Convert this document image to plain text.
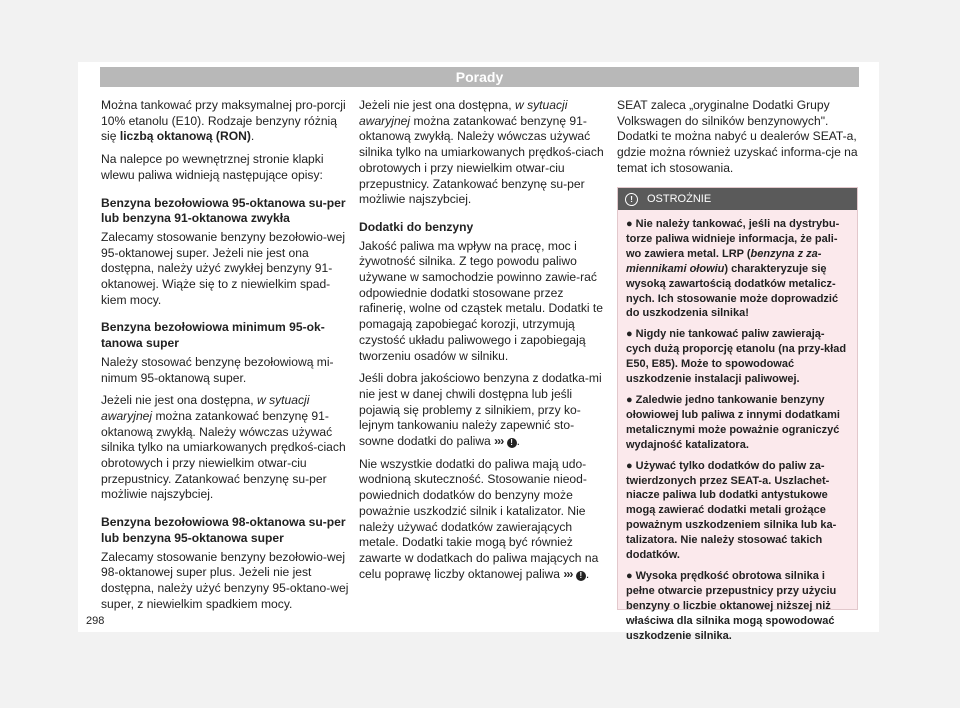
Porady

Można tankować przy maksymalnej pro-porcji 10% etanolu (E10). Rodzaje benzyny różnią się liczbą oktanową (RON).

Na nalepce po wewnętrznej stronie klapki wlewu paliwa widnieją następujące opisy:

Benzyna bezołowiowa 95-oktanowa su-per lub benzyna 91-oktanowa zwykła

Zalecamy stosowanie benzyny bezołowio-wej 95-oktanowej super. Jeżeli nie jest ona dostępna, należy użyć zwykłej benzyny 91-oktanowej. Wiąże się to z niewielkim spad-kiem mocy.

Benzyna bezołowiowa minimum 95-ok-tanowa super

Należy stosować benzynę bezołowiową mi-nimum 95-oktanową super.

Jeżeli nie jest ona dostępna, w sytuacji awaryjnej można zatankować benzynę 91-oktanową zwykłą. Należy wówczas używać silnika tylko na umiarkowanych prędkoś-ciach obrotowych i przy niewielkim otwar-ciu przepustnicy. Zatankować benzynę su-per możliwie najszybciej.

Benzyna bezołowiowa 98-oktanowa su-per lub benzyna 95-oktanowa super

Zalecamy stosowanie benzyny bezołowio-wej 98-oktanowej super plus. Jeżeli nie jest dostępna, należy użyć benzyny 95-oktano-wej super, z niewielkim spadkiem mocy.

Jeżeli nie jest ona dostępna, w sytuacji awaryjnej można zatankować benzynę 91-oktanową zwykłą. Należy wówczas używać silnika tylko na umiarkowanych prędkoś-ciach obrotowych i przy niewielkim otwar-ciu przepustnicy. Zatankować benzynę su-per możliwie najszybciej.

Dodatki do benzyny

Jakość paliwa ma wpływ na pracę, moc i żywotność silnika. Z tego powodu paliwo używane w samochodzie powinno zawie-rać odpowiednie dodatki stosowane przez rafinerię, wolne od cząstek metalu. Dodatki te pomagają zapobiegać korozji, utrzymują czystość układu paliwowego i zapobiegają tworzeniu osadów w silniku.

Jeśli dobra jakościowo benzyna z dodatka-mi nie jest w danej chwili dostępna lub jeśli pojawią się problemy z silnikiem, przy ko-lejnym tankowaniu należy zapewnić sto-sowne dodatki do paliwa ››› ! .

Nie wszystkie dodatki do paliwa mają udo-wodnioną skuteczność. Stosowanie nieod-powiednich dodatków do benzyny może poważnie uszkodzić silnik i katalizator. Nie należy używać dodatków zawierających metale. Dodatki takie mogą być również zawarte w dodatkach do paliwa mających na celu poprawę liczby oktanowej paliwa ››› ! .

SEAT zaleca „oryginalne Dodatki Grupy Volkswagen do silników benzynowych". Dodatki te można nabyć u dealerów SEAT-a, gdzie można również uzyskać informa-cje na temat ich stosowania.

!	OSTROŻNIE

● Nie należy tankować, jeśli na dystrybu-torze paliwa widnieje informacja, że pali-wo zawiera metal. LRP (benzyna z za-miennikami ołowiu) charakteryzuje się wysoką zawartością dodatków metalicz-nych. Ich stosowanie może doprowadzić do uszkodzenia silnika!

● Nigdy nie tankować paliw zawierają-cych dużą proporcję etanolu (na przy-kład E50, E85). Może to spowodować uszkodzenie instalacji paliwowej.

● Zaledwie jedno tankowanie benzyny ołowiowej lub paliwa z innymi dodatkami metalicznymi może poważnie ograniczyć wydajność katalizatora.

● Używać tylko dodatków do paliw za-twierdzonych przez SEAT-a. Uszlachet-niacze paliwa lub dodatki antystukowe mogą zawierać dodatki metali grożące poważnym uszkodzeniem silnika lub ka-talizatora. Nie należy stosować takich dodatków.

● Wysoka prędkość obrotowa silnika i pełne otwarcie przepustnicy przy użyciu benzyny o liczbie oktanowej niższej niż właściwa dla silnika mogą spowodować uszkodzenie silnika.

298
